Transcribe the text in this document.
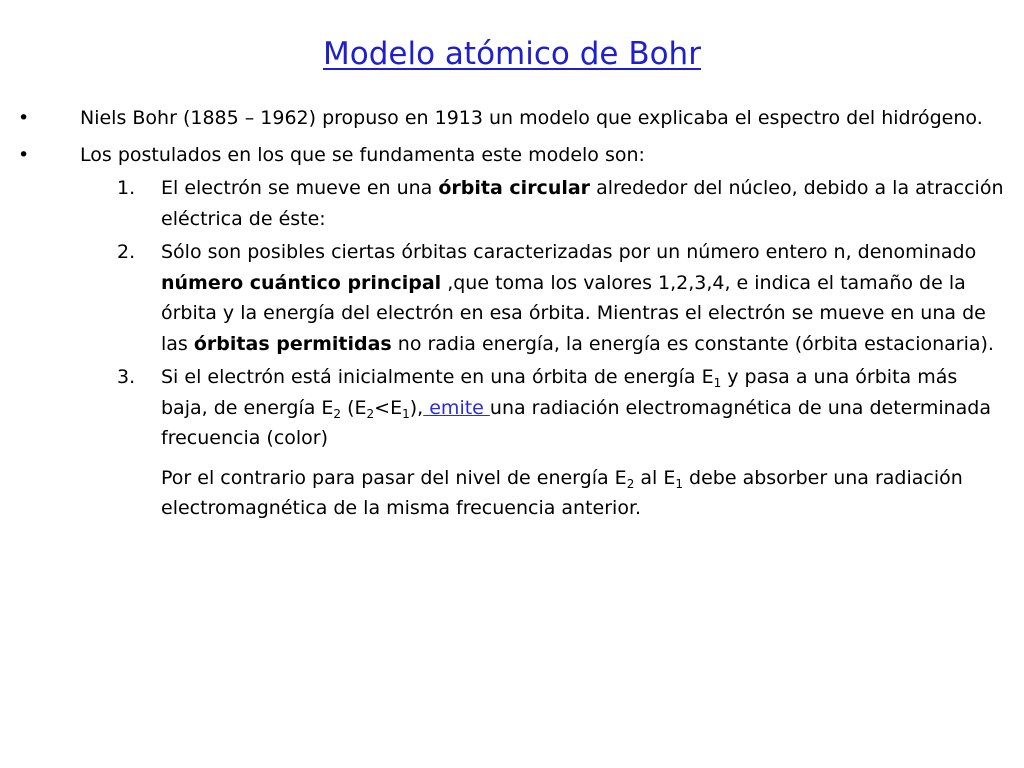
Modelo atómico de Bohr
•	Niels Bohr (1885 – 1962) propuso en 1913 un modelo que explicaba el espectro del hidrógeno.
•	Los postulados en los que se fundamenta este modelo son:
1. El electrón se mueve en una órbita circular alrededor del núcleo, debido a la atracción eléctrica de éste:
2. Sólo son posibles ciertas órbitas caracterizadas por un número entero n, denominado número cuántico principal ,que toma los valores 1,2,3,4, e indica el tamaño de la órbita y la energía del electrón en esa órbita. Mientras el electrón se mueve en una de las órbitas permitidas no radia energía, la energía es constante (órbita estacionaria).
3. Si el electrón está inicialmente en una órbita de energía $E_1$ y pasa a una órbita más baja, de energía $E_2$ $(E_2<E_1)$, emite una radiación electromagnética de una determinada frecuencia (color)
Por el contrario para pasar del nivel de energía $E_2$ al $E_1$ debe absorber una radiación electromagnética de la misma frecuencia anterior.
